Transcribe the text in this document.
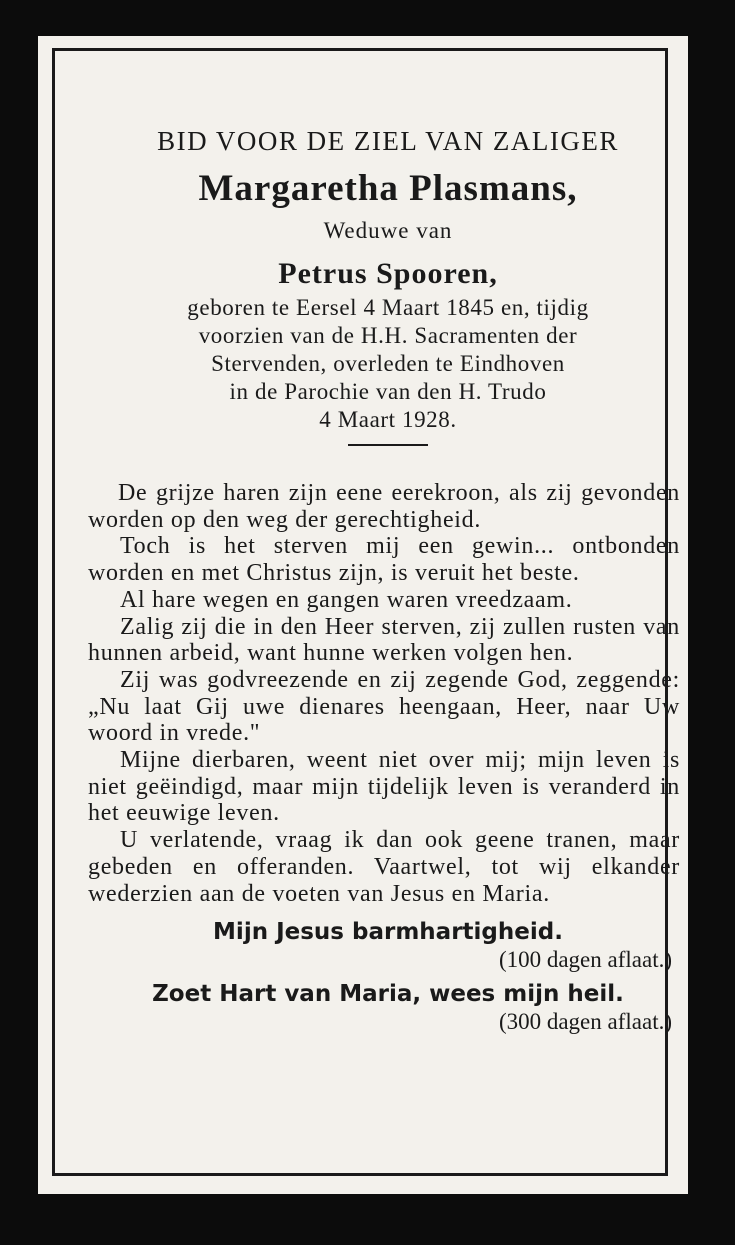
BID VOOR DE ZIEL VAN ZALIGER
Margaretha Plasmans,
Weduwe van
Petrus Spooren,
geboren te Eersel 4 Maart 1845 en, tijdig
voorzien van de H.H. Sacramenten der
Stervenden, overleden te Eindhoven
in de Parochie van den H. Trudo
4 Maart 1928.

De grijze haren zijn eene eerekroon, als zij gevonden worden op den weg der gerechtigheid.

Toch is het sterven mij een gewin... ontbonden worden en met Christus zijn, is veruit het beste.

Al hare wegen en gangen waren vreedzaam.

Zalig zij die in den Heer sterven, zij zullen rusten van hunnen arbeid, want hunne werken volgen hen.

Zij was godvreezende en zij zegende God, zeggende: „Nu laat Gij uwe dienares heengaan, Heer, naar Uw woord in vrede."

Mijne dierbaren, weent niet over mij; mijn leven is niet geëindigd, maar mijn tijdelijk leven is veranderd in het eeuwige leven.

U verlatende, vraag ik dan ook geene tranen, maar gebeden en offeranden. Vaartwel, tot wij elkander wederzien aan de voeten van Jesus en Maria.

Mijn Jesus barmhartigheid.
(100 dagen aflaat.)
Zoet Hart van Maria, wees mijn heil.
(300 dagen aflaat.)
